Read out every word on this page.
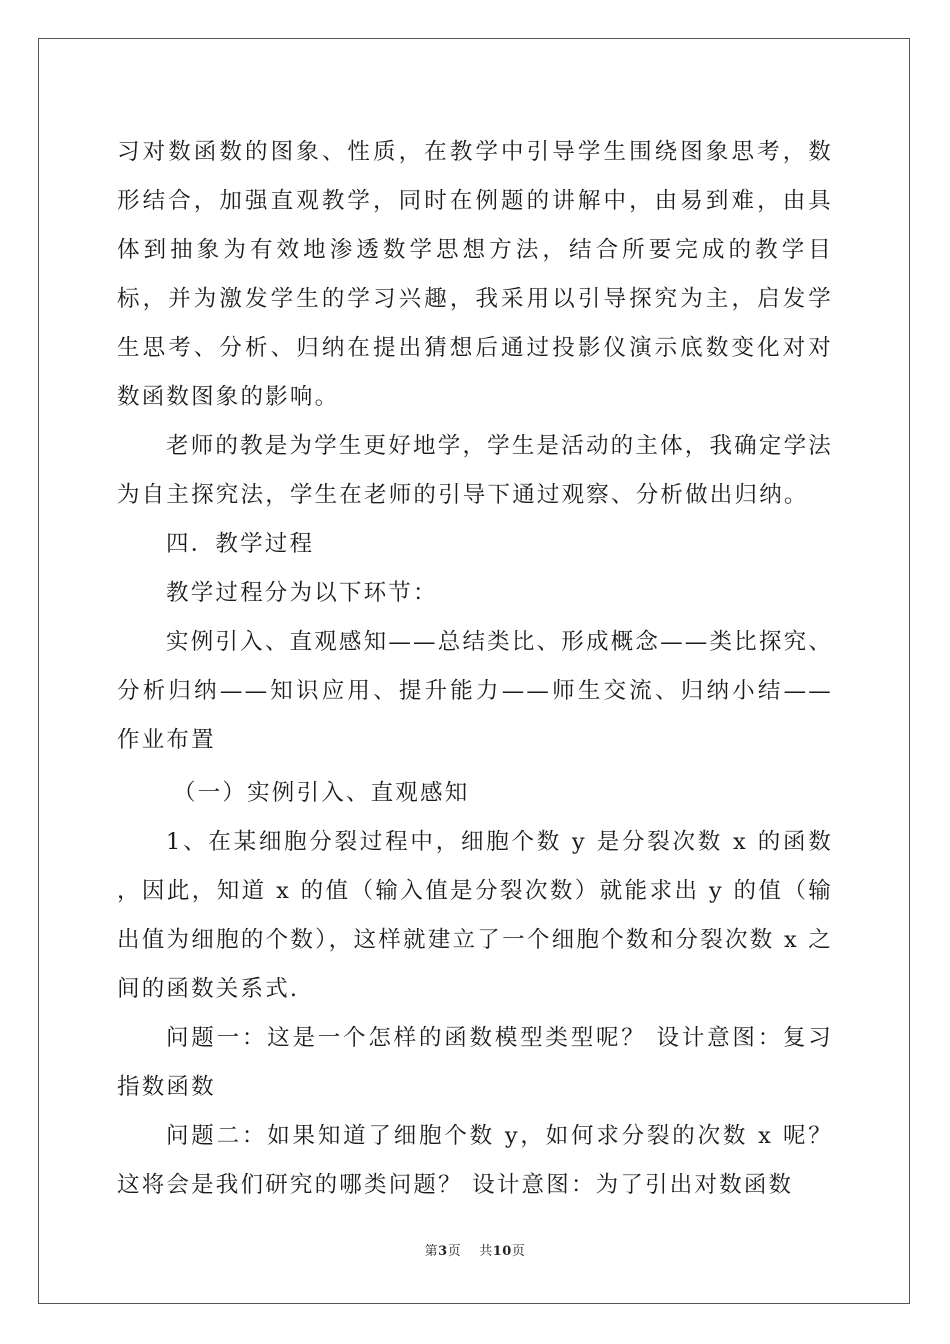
习对数函数的图象、性质，在教学中引导学生围绕图象思考，数形结合，加强直观教学，同时在例题的讲解中，由易到难，由具体到抽象为有效地渗透数学思想方法，结合所要完成的教学目标，并为激发学生的学习兴趣，我采用以引导探究为主，启发学生思考、分析、归纳在提出猜想后通过投影仪演示底数变化对对数函数图象的影响。

老师的教是为学生更好地学，学生是活动的主体，我确定学法为自主探究法，学生在老师的引导下通过观察、分析做出归纳。

四．教学过程

教学过程分为以下环节：

实例引入、直观感知——总结类比、形成概念——类比探究、分析归纳——知识应用、提升能力——师生交流、归纳小结——作业布置

（一）实例引入、直观感知

1、在某细胞分裂过程中，细胞个数 y 是分裂次数 x 的函数 ，因此，知道 x 的值（输入值是分裂次数）就能求出 y 的值（输出值为细胞的个数），这样就建立了一个细胞个数和分裂次数 x 之间的函数关系式.

问题一：这是一个怎样的函数模型类型呢？ 设计意图：复习指数函数

问题二：如果知道了细胞个数 y，如何求分裂的次数 x 呢？这将会是我们研究的哪类问题？ 设计意图：为了引出对数函数

第3页 共10页
